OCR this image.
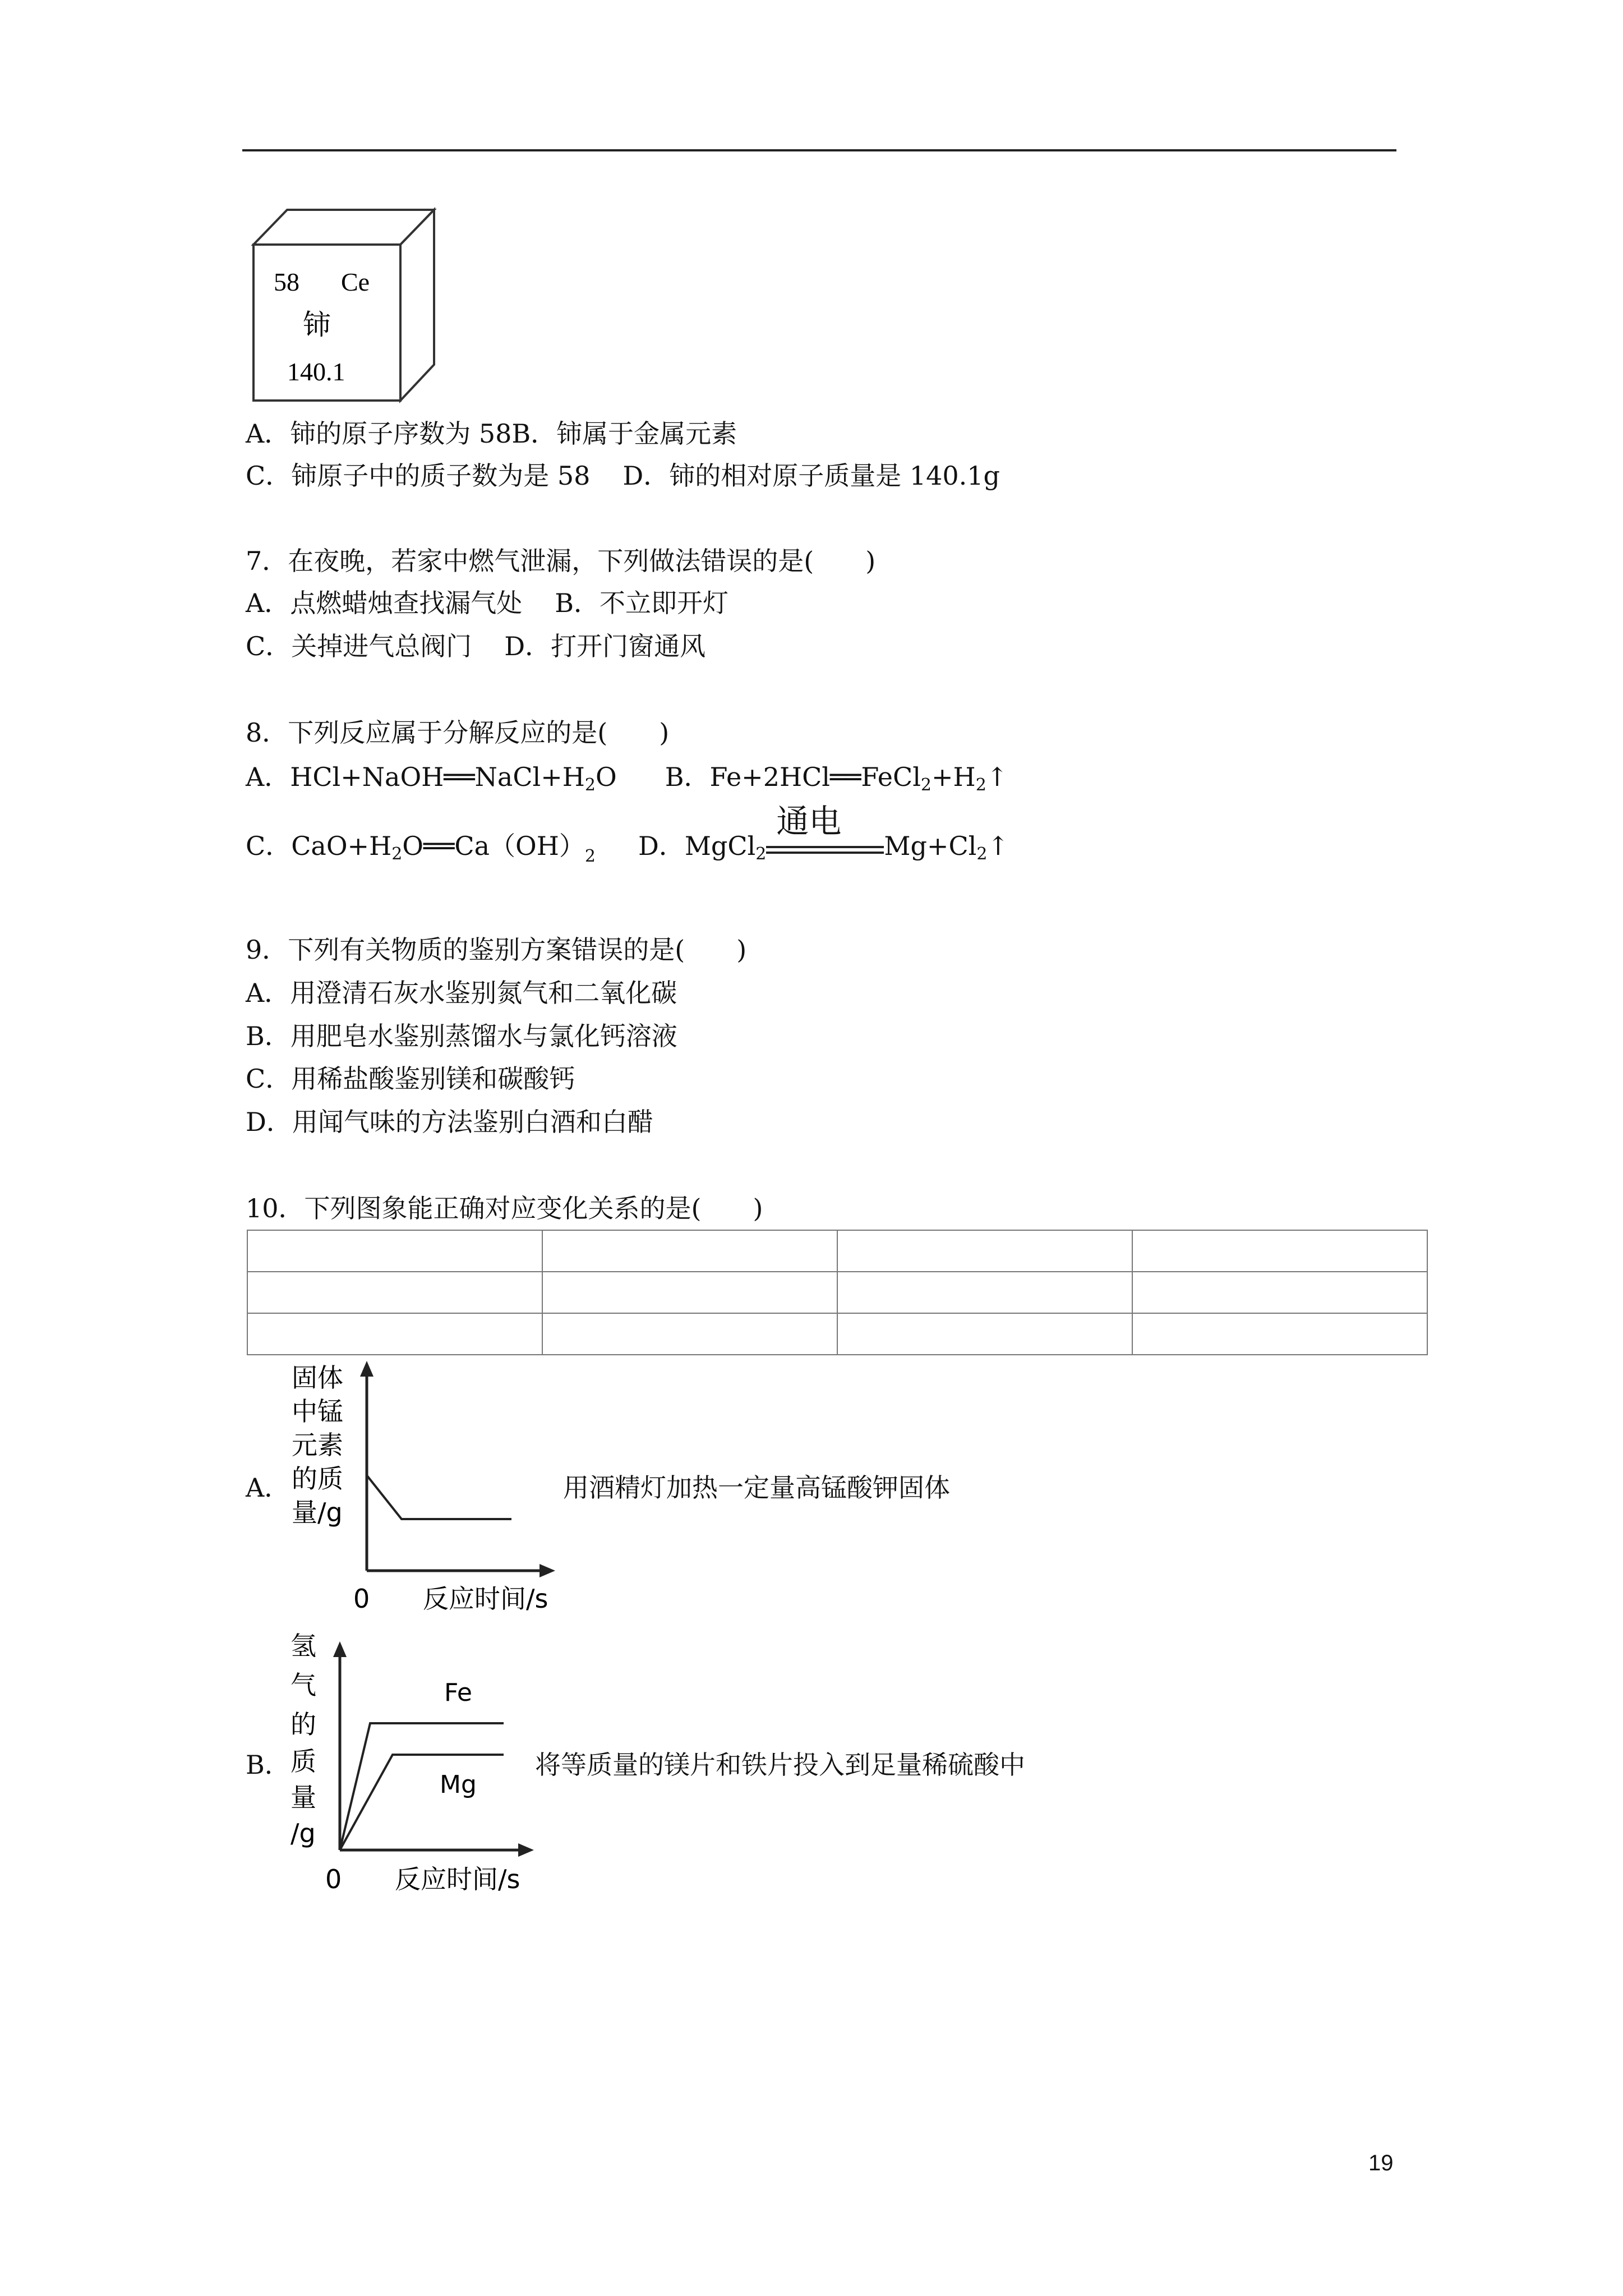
58 Ce
铈
140.1
A．铈的原子序数为 58B．铈属于金属元素
C．铈原子中的质子数为是 58 D．铈的相对原子质量是 140.1g
7．在夜晚，若家中燃气泄漏，下列做法错误的是(　　)
A．点燃蜡烛查找漏气处 B．不立即开灯
C．关掉进气总阀门 D．打开门窗通风
8．下列反应属于分解反应的是(　　)
A．$HCl+NaOH══NaCl+H_2O$ B．$Fe+2HCl══FeCl_2+H_2↑$
C．$CaO+H_2O══Ca(OH)_2$ D．MgCl$_2$
通电
$Mg+Cl_2↑$
9．下列有关物质的鉴别方案错误的是(　　)
A．用澄清石灰水鉴别氮气和二氧化碳
B．用肥皂水鉴别蒸馏水与氯化钙溶液
C．用稀盐酸鉴别镁和碳酸钙
D．用闻气味的方法鉴别白酒和白醋
10．下列图象能正确对应变化关系的是(　　)

A．
固体
中锰
元素
的质
量/g
0 反应时间/s
用酒精灯加热一定量高锰酸钾固体
B．
氢
气
的
质
量
/g
Fe
Mg
0 反应时间/s
将等质量的镁片和铁片投入到足量稀硫酸中
19
